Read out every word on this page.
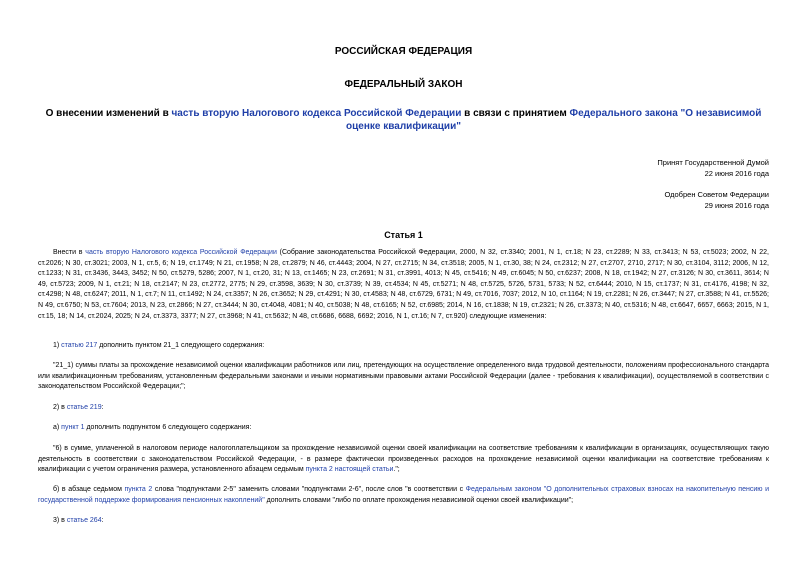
РОССИЙСКАЯ ФЕДЕРАЦИЯ
ФЕДЕРАЛЬНЫЙ ЗАКОН
О внесении изменений в часть вторую Налогового кодекса Российской Федерации в связи с принятием Федерального закона "О независимой оценке квалификации"
Принят Государственной Думой
22 июня 2016 года
Одобрен Советом Федерации
29 июня 2016 года
Статья 1
Внести в часть вторую Налогового кодекса Российской Федерации (Собрание законодательства Российской Федерации, 2000, N 32, ст.3340; 2001, N 1, ст.18; N 23, ст.2289; N 33, ст.3413; N 53, ст.5023; 2002, N 22, ст.2026; N 30, ст.3021; 2003, N 1, ст.5, 6; N 19, ст.1749; N 21, ст.1958; N 28, ст.2879; N 46, ст.4443; 2004, N 27, ст.2715; N 34, ст.3518; 2005, N 1, ст.30, 38; N 24, ст.2312; N 27, ст.2707, 2710, 2717; N 30, ст.3104, 3112; 2006, N 12, ст.1233; N 31, ст.3436, 3443, 3452; N 50, ст.5279, 5286; 2007, N 1, ст.20, 31; N 13, ст.1465; N 23, ст.2691; N 31, ст.3991, 4013; N 45, ст.5416; N 49, ст.6045; N 50, ст.6237; 2008, N 18, ст.1942; N 27, ст.3126; N 30, ст.3611, 3614; N 49, ст.5723; 2009, N 1, ст.21; N 18, ст.2147; N 23, ст.2772, 2775; N 29, ст.3598, 3639; N 30, ст.3739; N 39, ст.4534; N 45, ст.5271; N 48, ст.5725, 5726, 5731, 5733; N 52, ст.6444; 2010, N 15, ст.1737; N 31, ст.4176, 4198; N 32, ст.4298; N 48, ст.6247; 2011, N 1, ст.7; N 11, ст.1492; N 24, ст.3357; N 26, ст.3652; N 29, ст.4291; N 30, ст.4583; N 48, ст.6729, 6731; N 49, ст.7016, 7037; 2012, N 10, ст.1164; N 19, ст.2281; N 26, ст.3447; N 27, ст.3588; N 41, ст.5526; N 49, ст.6750; N 53, ст.7604; 2013, N 23, ст.2866; N 27, ст.3444; N 30, ст.4048, 4081; N 40, ст.5038; N 48, ст.6165; N 52, ст.6985; 2014, N 16, ст.1838; N 19, ст.2321; N 26, ст.3373; N 40, ст.5316; N 48, ст.6647, 6657, 6663; 2015, N 1, ст.15, 18; N 14, ст.2024, 2025; N 24, ст.3373, 3377; N 27, ст.3968; N 41, ст.5632; N 48, ст.6686, 6688, 6692; 2016, N 1, ст.16; N 7, ст.920) следующие изменения:
1) статью 217 дополнить пунктом 21_1 следующего содержания:
"21_1) суммы платы за прохождение независимой оценки квалификации работников или лиц, претендующих на осуществление определенного вида трудовой деятельности, положениям профессионального стандарта или квалификационным требованиям, установленным федеральными законами и иными нормативными правовыми актами Российской Федерации (далее - требования к квалификации), осуществляемой в соответствии с законодательством Российской Федерации;";
2) в статье 219:
а) пункт 1 дополнить подпунктом 6 следующего содержания:
"6) в сумме, уплаченной в налоговом периоде налогоплательщиком за прохождение независимой оценки своей квалификации на соответствие требованиям к квалификации в организациях, осуществляющих такую деятельность в соответствии с законодательством Российской Федерации, - в размере фактически произведенных расходов на прохождение независимой оценки квалификации на соответствие требованиям к квалификации с учетом ограничения размера, установленного абзацем седьмым пункта 2 настоящей статьи.";
б) в абзаце седьмом пункта 2 слова "подпунктами 2-5" заменить словами "подпунктами 2-6", после слов "в соответствии с Федеральным законом "О дополнительных страховых взносах на накопительную пенсию и государственной поддержке формирования пенсионных накоплений" дополнить словами "либо по оплате прохождения независимой оценки своей квалификации";
3) в статье 264:
